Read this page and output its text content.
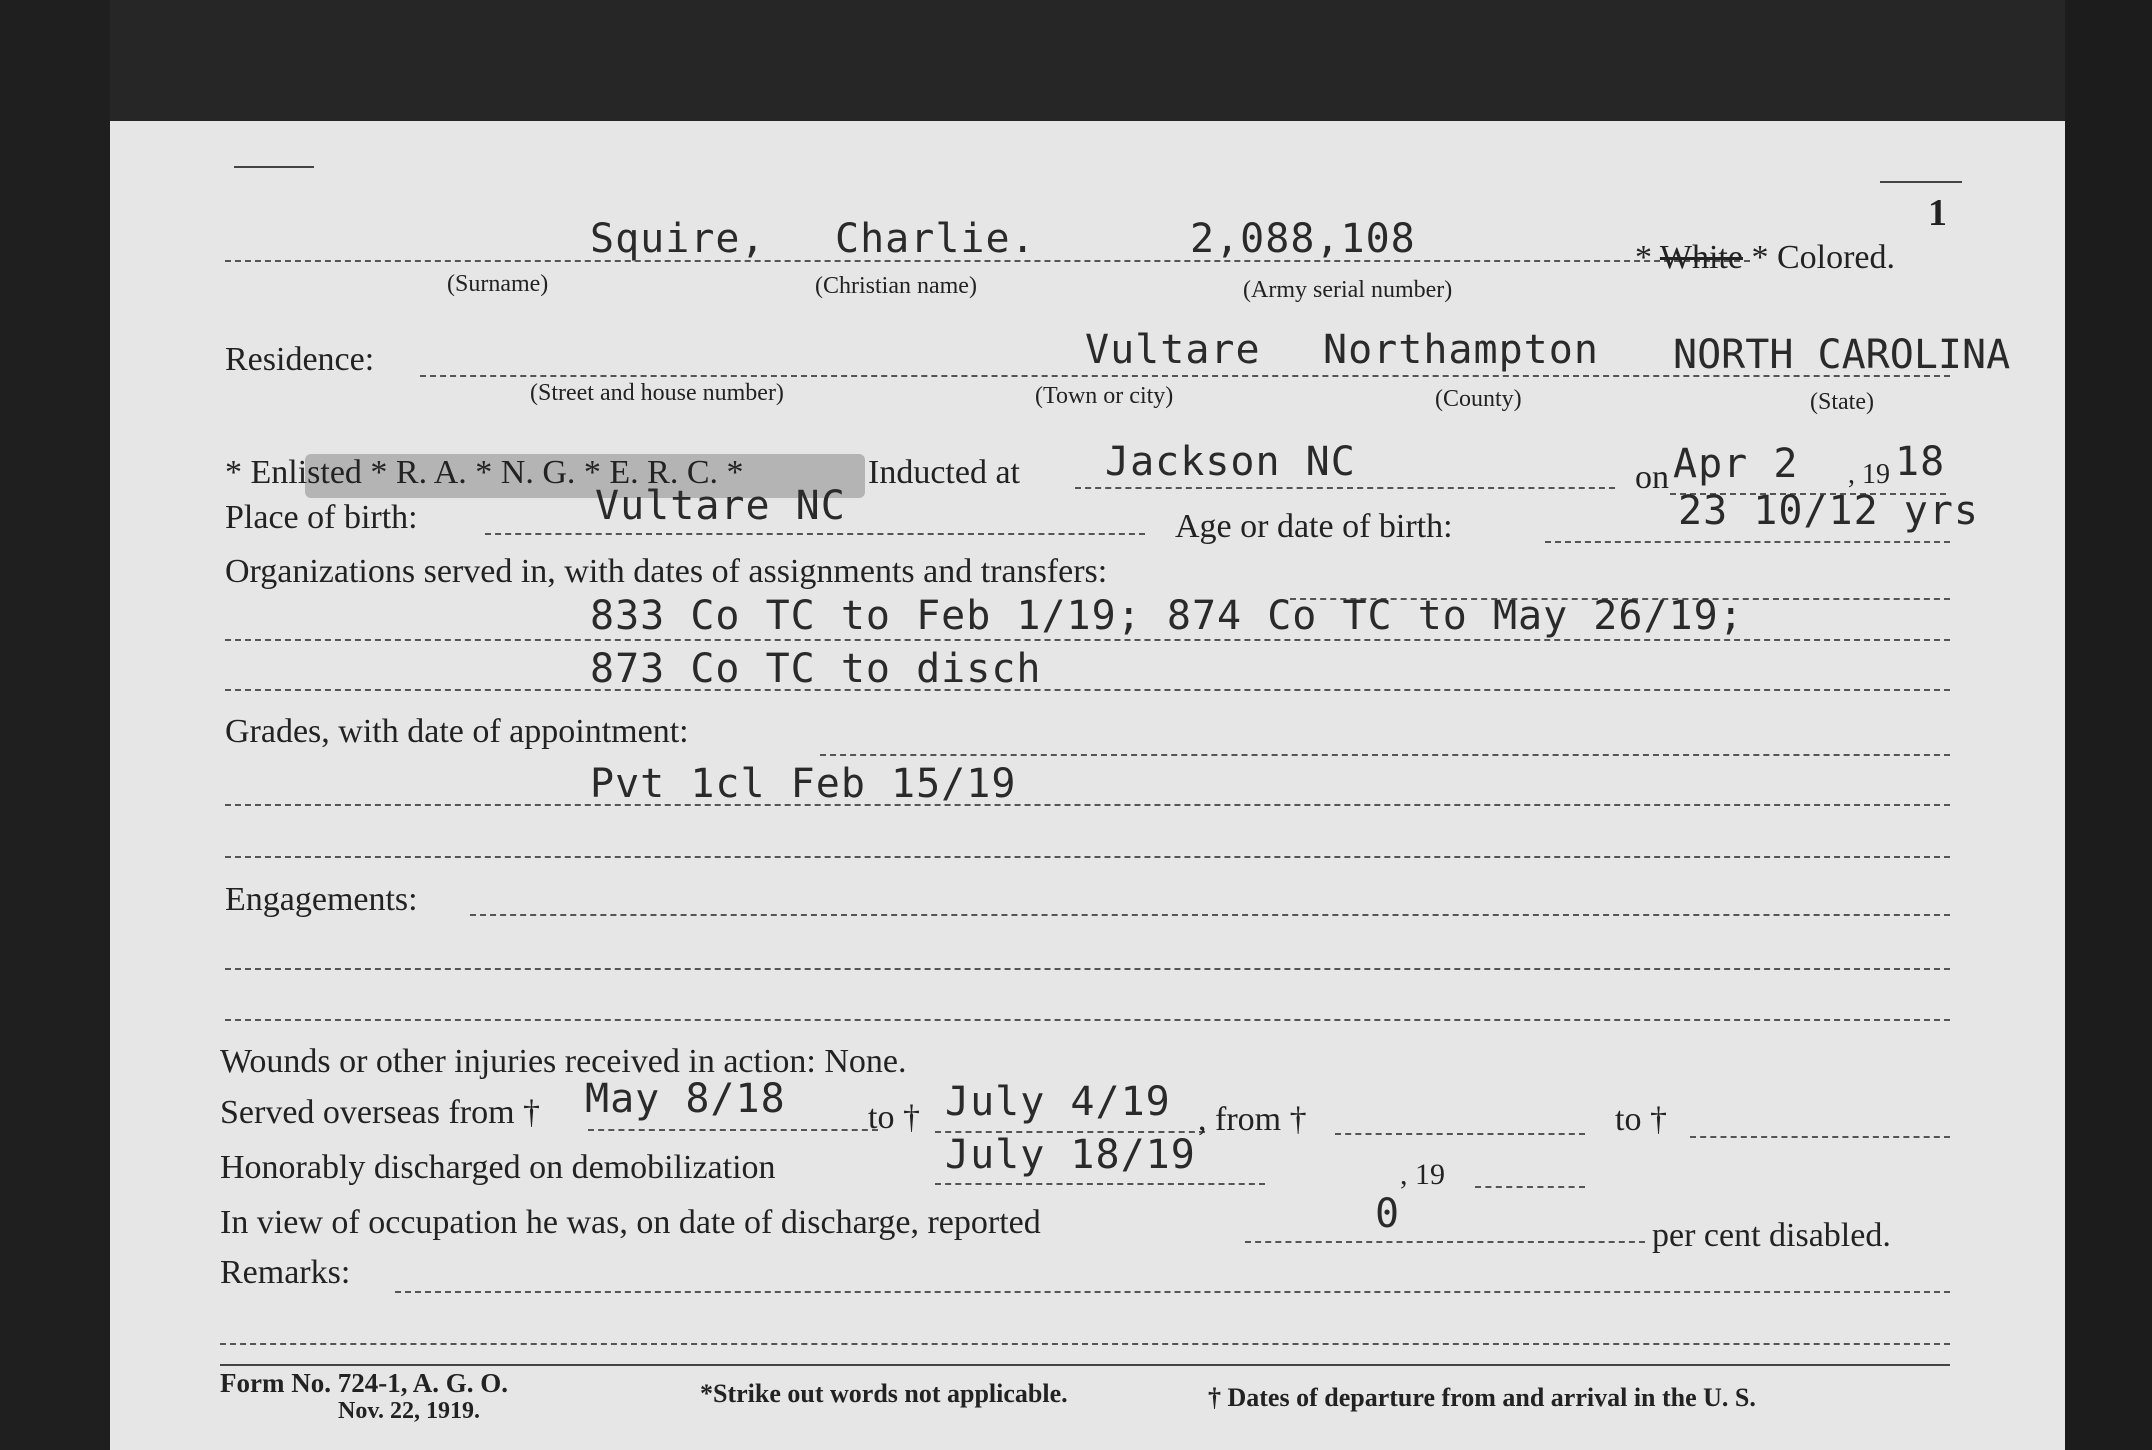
1
Squire, Charlie.	2,088,108	* White * Colored.
(Surname)	(Christian name)	(Army serial number)
Residence:	Vultare Northampton NORTH CAROLINA
(Street and house number)	(Town or city)	(County)	(State)
* Enlisted * R. A. * N. G. * E. R. C. *	Inducted at Jackson NC	on Apr 2 , 19 18
Place of birth:	Vultare NC	Age or date of birth:	23 10/12 yrs
Organizations served in, with dates of assignments and transfers:
833 Co TC to Feb 1/19; 874 Co TC to May 26/19;
873 Co TC to disch
Grades, with date of appointment:
Pvt 1cl Feb 15/19
Engagements:
Wounds or other injuries received in action: None.
Served overseas from † May 8/18 to † July 4/19 , from †	to †
Honorably discharged on demobilization	July 18/19	, 19
In view of occupation he was, on date of discharge, reported	0	per cent disabled.
Remarks:
Form No. 724-1, A. G. O.
Nov. 22, 1919.
*Strike out words not applicable.	† Dates of departure from and arrival in the U. S.
